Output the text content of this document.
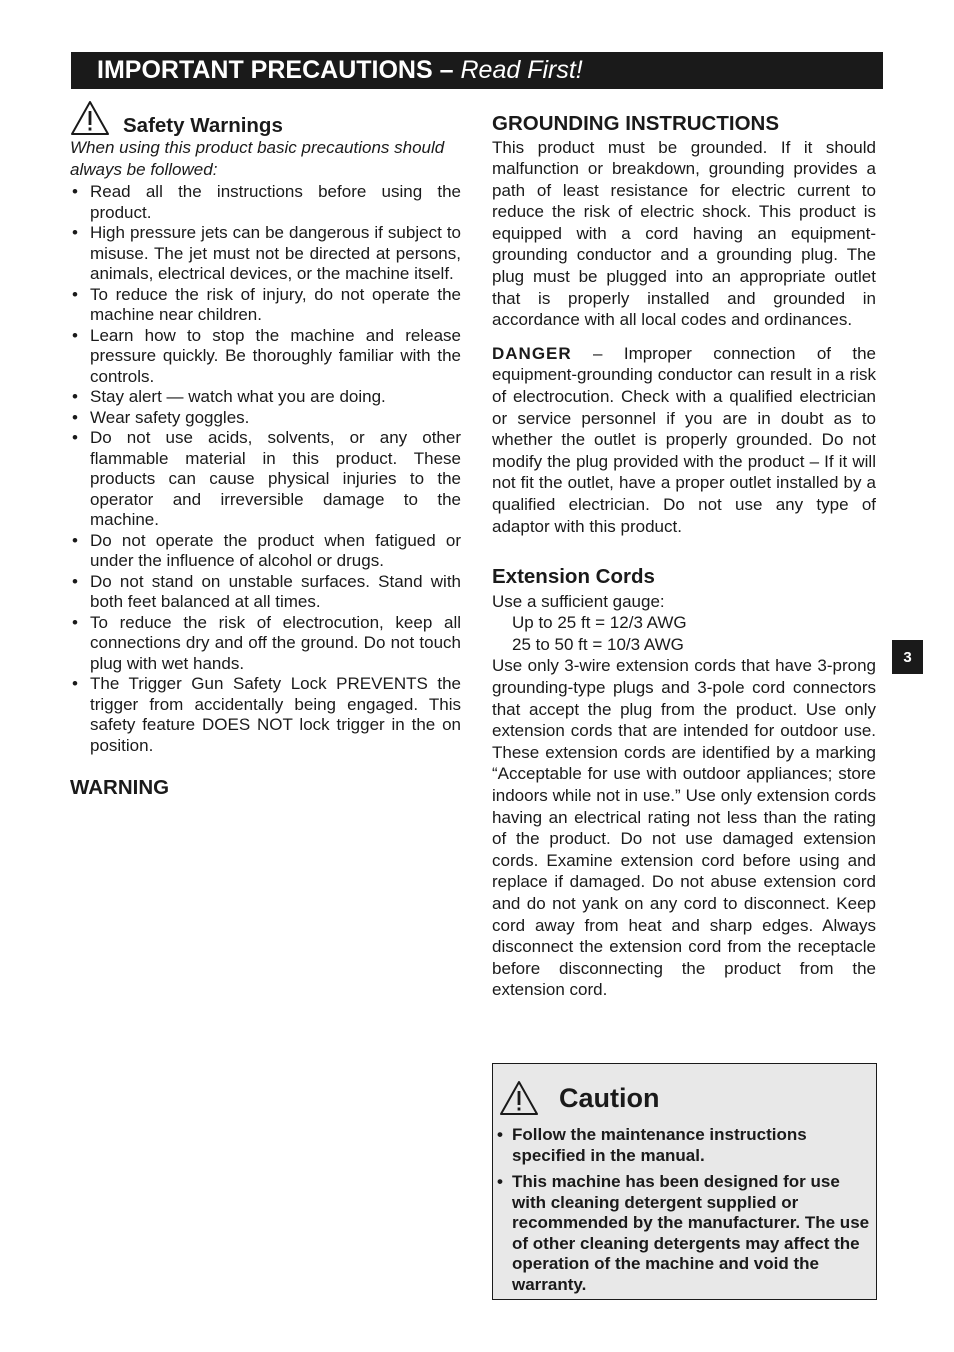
IMPORTANT PRECAUTIONS – Read First!
Safety Warnings

When using this product basic precautions should always be followed:

• Read all the instructions before using the product.
• High pressure jets can be dangerous if subject to misuse. The jet must not be directed at persons, animals, electrical devices, or the machine itself.
• To reduce the risk of injury, do not operate the machine near children.
• Learn how to stop the machine and release pressure quickly. Be thoroughly familiar with the controls.
• Stay alert — watch what you are doing.
• Wear safety goggles.
• Do not use acids, solvents, or any other flammable material in this product. These products can cause physical injuries to the operator and irreversible damage to the machine.
• Do not operate the product when fatigued or under the influence of alcohol or drugs.
• Do not stand on unstable surfaces. Stand with both feet balanced at all times.
• To reduce the risk of electrocution, keep all connections dry and off the ground. Do not touch plug with wet hands.
• The Trigger Gun Safety Lock PREVENTS the trigger from accidentally being engaged. This safety feature DOES NOT lock trigger in the on position.
WARNING
GROUNDING INSTRUCTIONS

This product must be grounded. If it should malfunction or breakdown, grounding provides a path of least resistance for electric current to reduce the risk of electric shock. This product is equipped with a cord having an equipment-grounding conductor and a grounding plug. The plug must be plugged into an appropriate outlet that is properly installed and grounded in accordance with all local codes and ordinances.

DANGER – Improper connection of the equipment-grounding conductor can result in a risk of electrocution. Check with a qualified electrician or service personnel if you are in doubt as to whether the outlet is properly grounded. Do not modify the plug provided with the product – If it will not fit the outlet, have a proper outlet installed by a qualified electrician. Do not use any type of adaptor with this product.

Extension Cords
Use a sufficient gauge:
Up to 25 ft = 12/3 AWG
25 to 50 ft = 10/3 AWG

Use only 3-wire extension cords that have 3-prong grounding-type plugs and 3-pole cord connectors that accept the plug from the product. Use only extension cords that are intended for outdoor use. These extension cords are identified by a marking “Acceptable for use with outdoor appliances; store indoors while not in use.” Use only extension cords having an electrical rating not less than the rating of the product. Do not use damaged extension cords. Examine extension cord before using and replace if damaged. Do not abuse extension cord and do not yank on any cord to disconnect. Keep cord away from heat and sharp edges. Always disconnect the extension cord from the receptacle before disconnecting the product from the extension cord.

3
Caution
• Follow the maintenance instructions specified in the manual.
• This machine has been designed for use with cleaning detergent supplied or recommended by the manufacturer. The use of other cleaning detergents may affect the operation of the machine and void the warranty.
